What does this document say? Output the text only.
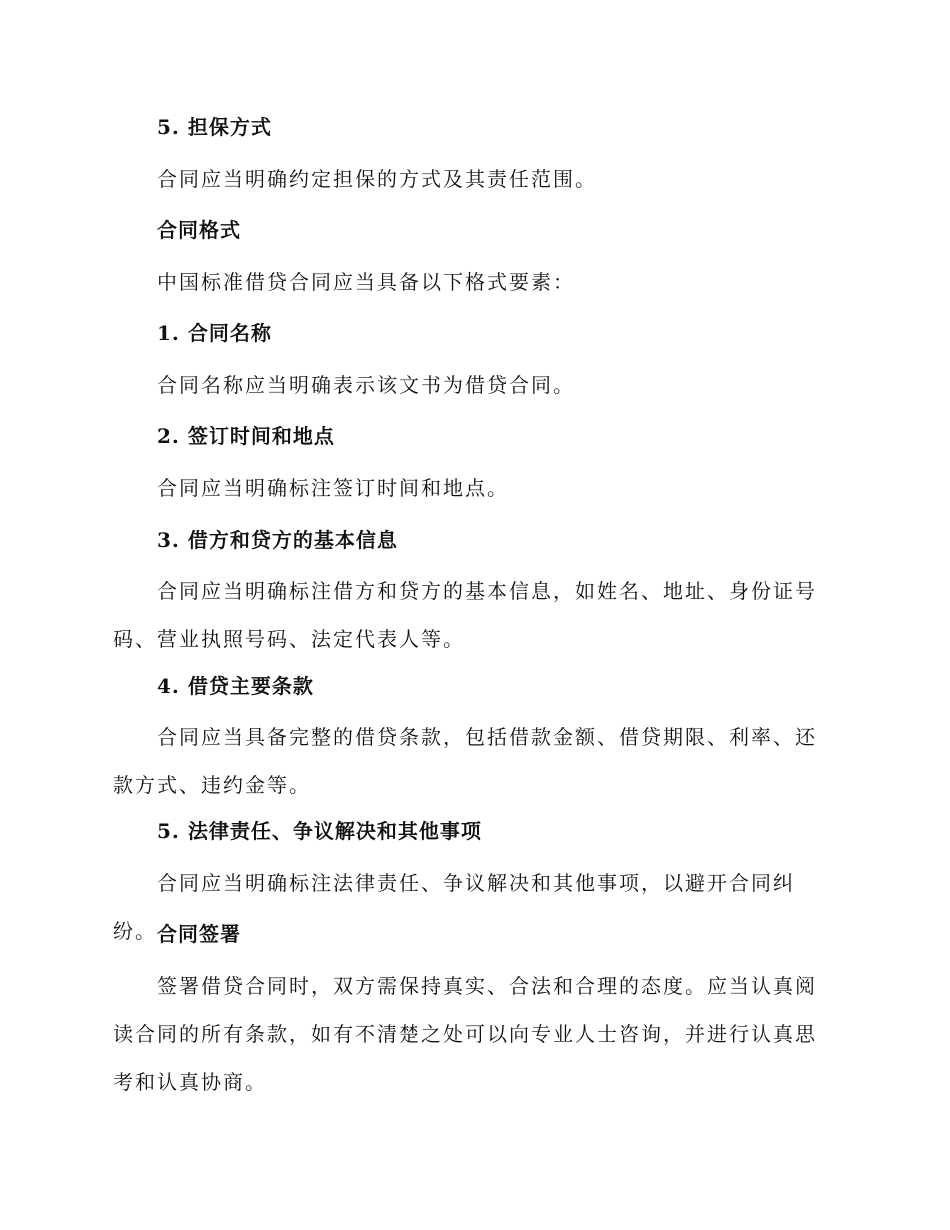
5. 担保方式

合同应当明确约定担保的方式及其责任范围。

合同格式

中国标准借贷合同应当具备以下格式要素：

1. 合同名称

合同名称应当明确表示该文书为借贷合同。

2. 签订时间和地点

合同应当明确标注签订时间和地点。

3. 借方和贷方的基本信息

合同应当明确标注借方和贷方的基本信息，如姓名、地址、身份证号码、营业执照号码、法定代表人等。

4. 借贷主要条款

合同应当具备完整的借贷条款，包括借款金额、借贷期限、利率、还款方式、违约金等。

5. 法律责任、争议解决和其他事项

合同应当明确标注法律责任、争议解决和其他事项，以避开合同纠纷。 合同签署

签署借贷合同时，双方需保持真实、合法和合理的态度。应当认真阅读合同的所有条款，如有不清楚之处可以向专业人士咨询，并进行认真思考和认真协商。
